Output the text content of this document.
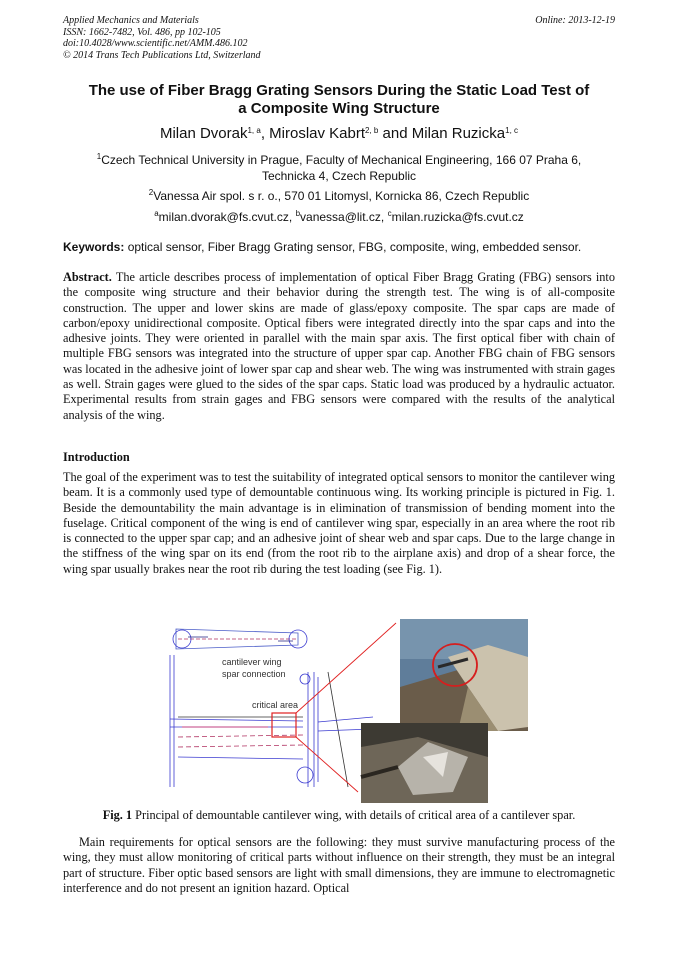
Applied Mechanics and Materials
ISSN: 1662-7482, Vol. 486, pp 102-105
doi:10.4028/www.scientific.net/AMM.486.102
© 2014 Trans Tech Publications Ltd, Switzerland
Online: 2013-12-19
The use of Fiber Bragg Grating Sensors During the Static Load Test of
a Composite Wing Structure
Milan Dvorak$^{1, a}$, Miroslav Kabrt$^{2, b}$ and Milan Ruzicka$^{1, c}$
$^1$Czech Technical University in Prague, Faculty of Mechanical Engineering, 166 07 Praha 6,
Technicka 4, Czech Republic
$^2$Vanessa Air spol. s r. o., 570 01 Litomysl, Kornicka 86, Czech Republic
$^a$milan.dvorak@fs.cvut.cz, $^b$vanessa@lit.cz, $^c$milan.ruzicka@fs.cvut.cz
Keywords: optical sensor, Fiber Bragg Grating sensor, FBG, composite, wing, embedded sensor.
Abstract. The article describes process of implementation of optical Fiber Bragg Grating (FBG) sensors into the composite wing structure and their behavior during the strength test. The wing is of all-composite construction. The upper and lower skins are made of glass/epoxy composite. The spar caps are made of carbon/epoxy unidirectional composite. Optical fibers were integrated directly into the spar caps and into the adhesive joints. They were oriented in parallel with the main spar axis. The first optical fiber with chain of multiple FBG sensors was integrated into the structure of upper spar cap. Another FBG chain of FBG sensors was located in the adhesive joint of lower spar cap and shear web. The wing was instrumented with strain gages as well. Strain gages were glued to the sides of the spar caps. Static load was produced by a hydraulic actuator. Experimental results from strain gages and FBG sensors were compared with the results of the analytical analysis of the wing.
Introduction
The goal of the experiment was to test the suitability of integrated optical sensors to monitor the cantilever wing beam. It is a commonly used type of demountable continuous wing. Its working principle is pictured in Fig. 1. Beside the demountability the main advantage is in elimination of transmission of bending moment into the fuselage. Critical component of the wing is end of cantilever wing spar, especially in an area where the root rib is connected to the upper spar cap; and an adhesive joint of shear web and spar caps. Due to the large change in the stiffness of the wing spar on its end (from the root rib to the airplane axis) and drop of a shear force, the wing spar usually brakes near the root rib during the test loading (see Fig. 1).
cantilever wing
spar connection
critical area
Fig. 1 Principal of demountable cantilever wing, with details of critical area of a cantilever spar.
Main requirements for optical sensors are the following: they must survive manufacturing process of the wing, they must allow monitoring of critical parts without influence on their strength, they must be an integral part of structure. Fiber optic based sensors are light with small dimensions, they are immune to electromagnetic interference and do not present an ignition hazard. Optical
